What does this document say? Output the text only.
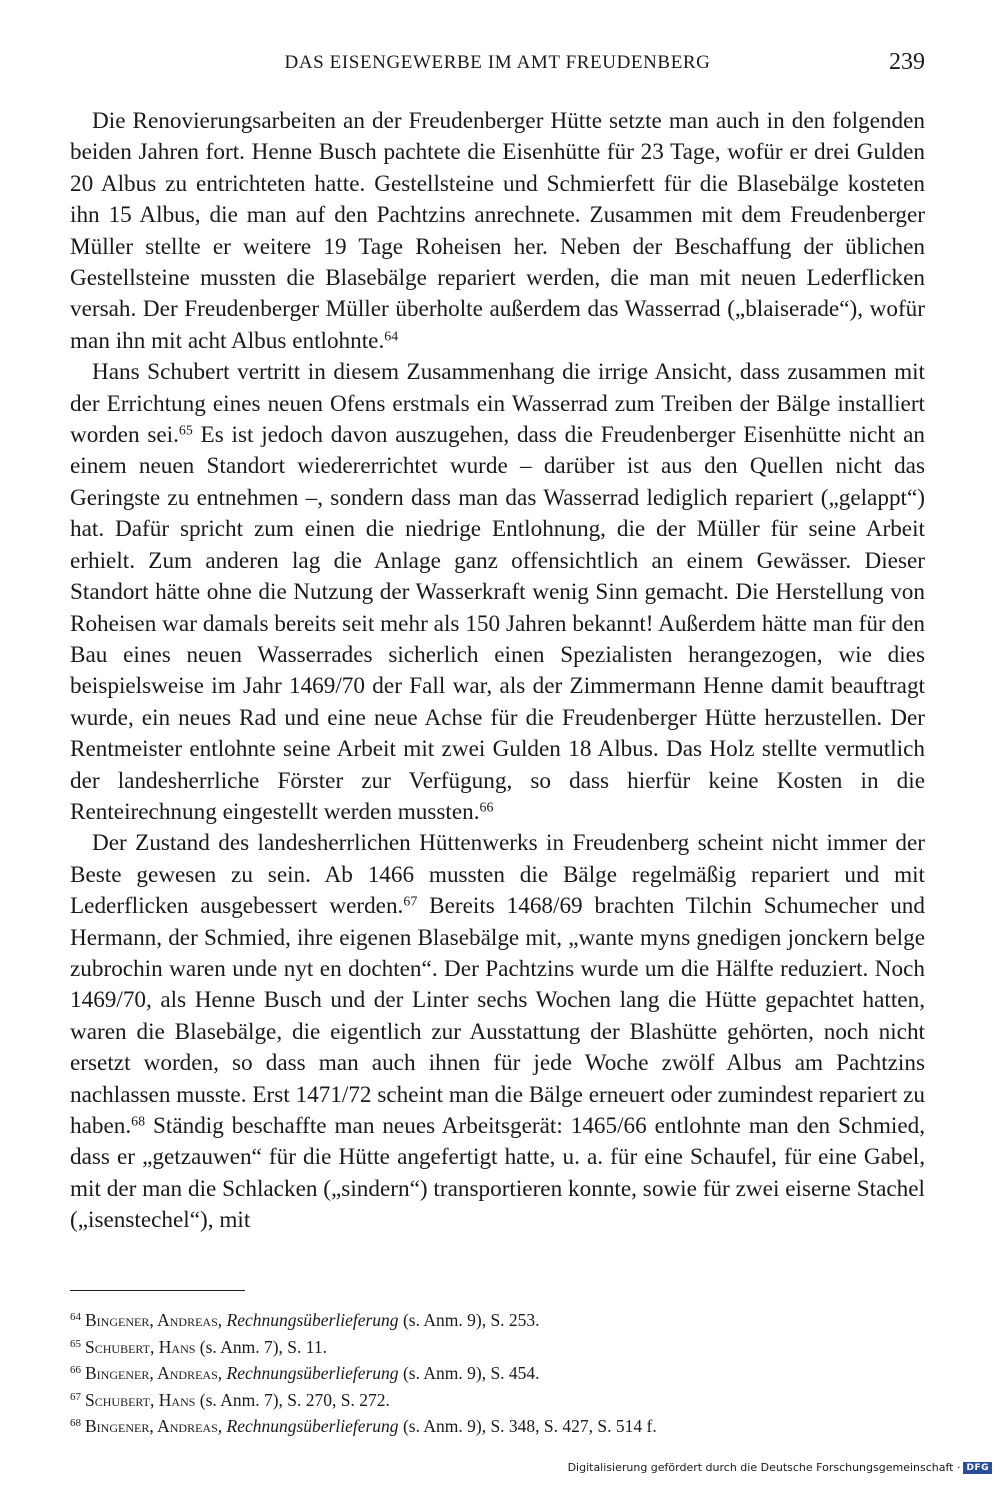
DAS EISENGEWERBE IM AMT FREUDENBERG	239

Die Renovierungsarbeiten an der Freudenberger Hütte setzte man auch in den folgenden beiden Jahren fort. Henne Busch pachtete die Eisenhütte für 23 Tage, wofür er drei Gulden 20 Albus zu entrichteten hatte. Gestellsteine und Schmierfett für die Blasebälge kosteten ihn 15 Albus, die man auf den Pachtzins anrechnete. Zusammen mit dem Freudenberger Müller stellte er weitere 19 Tage Roheisen her. Neben der Beschaffung der üblichen Gestellsteine mussten die Blasebälge repariert werden, die man mit neuen Lederflicken versah. Der Freudenberger Müller überholte außerdem das Wasserrad („blaiserade“), wofür man ihn mit acht Albus entlohnte.$^{64}$

Hans Schubert vertritt in diesem Zusammenhang die irrige Ansicht, dass zusammen mit der Errichtung eines neuen Ofens erstmals ein Wasserrad zum Treiben der Bälge installiert worden sei.$^{65}$ Es ist jedoch davon auszugehen, dass die Freudenberger Eisenhütte nicht an einem neuen Standort wiedererrichtet wurde – darüber ist aus den Quellen nicht das Geringste zu entnehmen –, sondern dass man das Wasserrad lediglich repariert („gelappt“) hat. Dafür spricht zum einen die niedrige Entlohnung, die der Müller für seine Arbeit erhielt. Zum anderen lag die Anlage ganz offensichtlich an einem Gewässer. Dieser Standort hätte ohne die Nutzung der Wasserkraft wenig Sinn gemacht. Die Herstellung von Roheisen war damals bereits seit mehr als 150 Jahren bekannt! Außerdem hätte man für den Bau eines neuen Wasserrades sicherlich einen Spezialisten herangezogen, wie dies beispielsweise im Jahr 1469/70 der Fall war, als der Zimmermann Henne damit beauftragt wurde, ein neues Rad und eine neue Achse für die Freudenberger Hütte herzustellen. Der Rentmeister entlohnte seine Arbeit mit zwei Gulden 18 Albus. Das Holz stellte vermutlich der landesherrliche Förster zur Verfügung, so dass hierfür keine Kosten in die Renteirechnung eingestellt werden mussten.$^{66}$

Der Zustand des landesherrlichen Hüttenwerks in Freudenberg scheint nicht immer der Beste gewesen zu sein. Ab 1466 mussten die Bälge regelmäßig repariert und mit Lederflicken ausgebessert werden.$^{67}$ Bereits 1468/69 brachten Tilchin Schumecher und Hermann, der Schmied, ihre eigenen Blasebälge mit, „wante myns gnedigen jonckern belge zubrochin waren unde nyt en dochten“. Der Pachtzins wurde um die Hälfte reduziert. Noch 1469/70, als Henne Busch und der Linter sechs Wochen lang die Hütte gepachtet hatten, waren die Blasebälge, die eigentlich zur Ausstattung der Blashütte gehörten, noch nicht ersetzt worden, so dass man auch ihnen für jede Woche zwölf Albus am Pachtzins nachlassen musste. Erst 1471/72 scheint man die Bälge erneuert oder zumindest repariert zu haben.$^{68}$ Ständig beschaffte man neues Arbeitsgerät: 1465/66 entlohnte man den Schmied, dass er „getzauwen“ für die Hütte angefertigt hatte, u. a. für eine Schaufel, für eine Gabel, mit der man die Schlacken („sindern“) transportieren konnte, sowie für zwei eiserne Stachel („isenstechel“), mit

$^{64}$ Bingener, Andreas, Rechnungsüberlieferung (s. Anm. 9), S. 253.
$^{65}$ Schubert, Hans (s. Anm. 7), S. 11.
$^{66}$ Bingener, Andreas, Rechnungsüberlieferung (s. Anm. 9), S. 454.
$^{67}$ Schubert, Hans (s. Anm. 7), S. 270, S. 272.
$^{68}$ Bingener, Andreas, Rechnungsüberlieferung (s. Anm. 9), S. 348, S. 427, S. 514 f.
Digitalisierung gefördert durch die Deutsche Forschungsgemeinschaft · DFG
